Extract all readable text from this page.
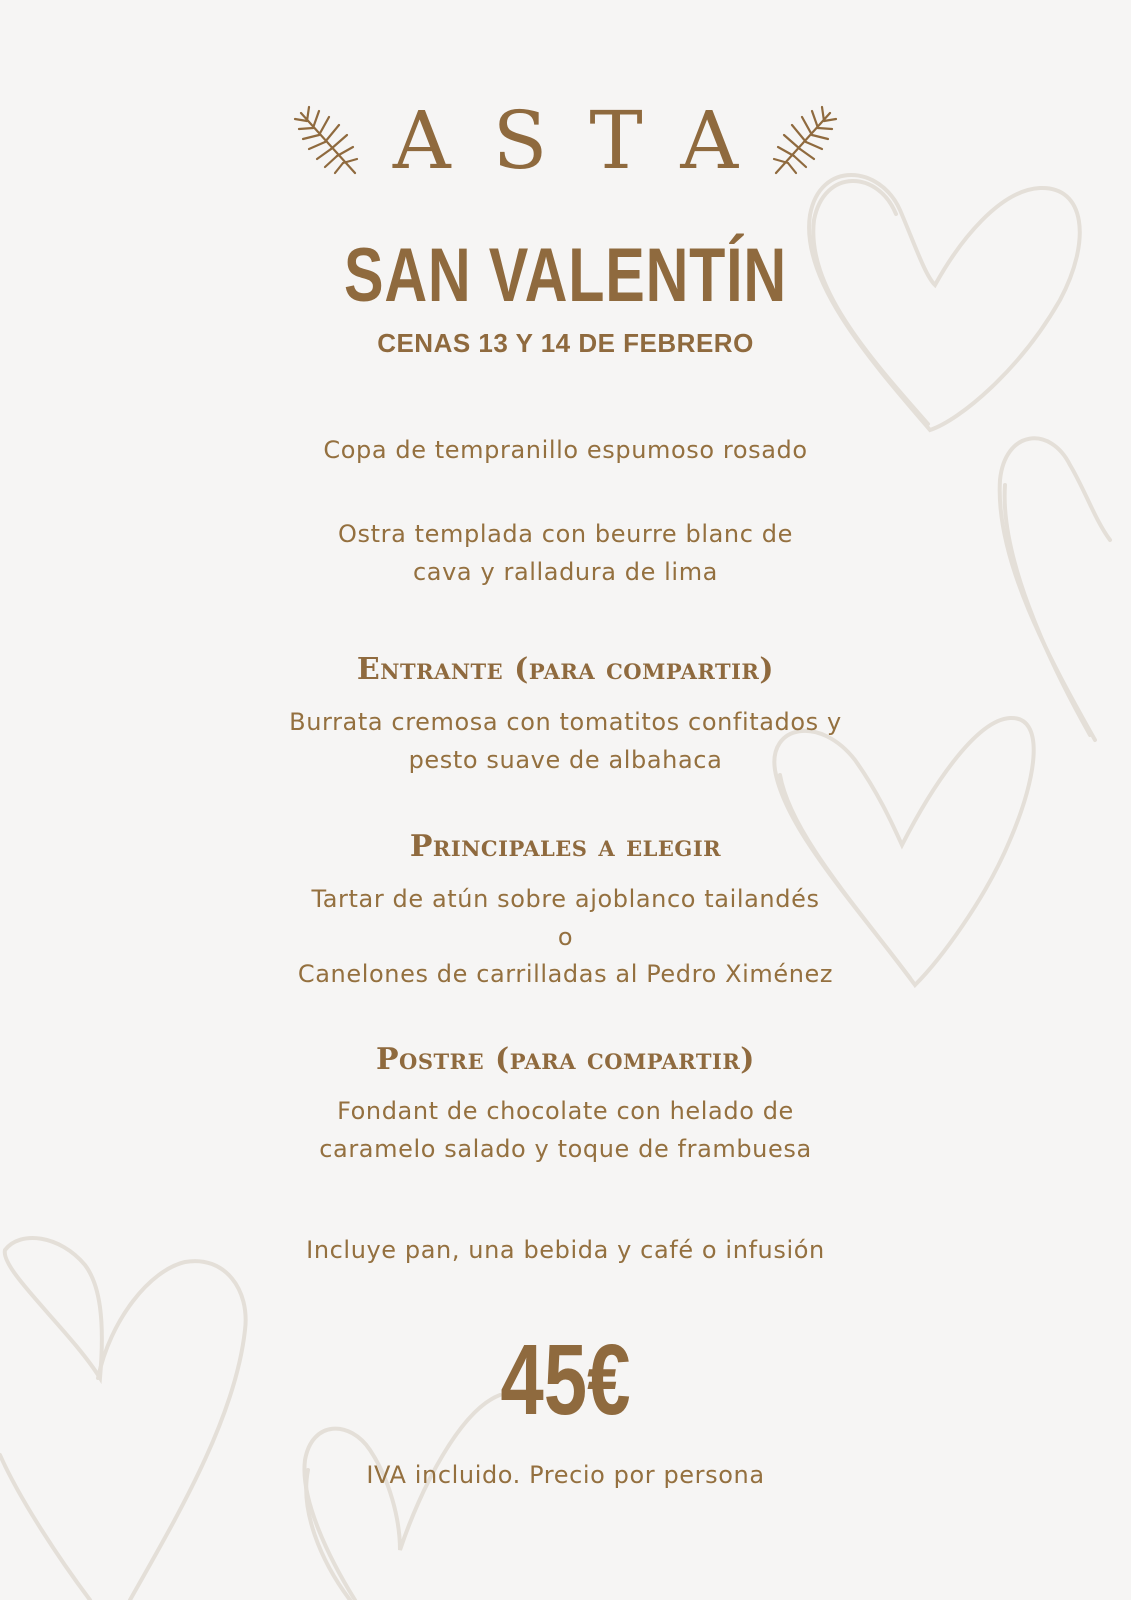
ASTA
SAN VALENTÍN
CENAS 13 Y 14 DE FEBRERO
Copa de tempranillo espumoso rosado
Ostra templada con beurre blanc de
cava y ralladura de lima
Entrante (para compartir)
Burrata cremosa con tomatitos confitados y
pesto suave de albahaca
Principales a elegir
Tartar de atún sobre ajoblanco tailandés
o
Canelones de carrilladas al Pedro Ximénez
Postre (para compartir)
Fondant de chocolate con helado de
caramelo salado y toque de frambuesa
Incluye pan, una bebida y café o infusión
45€
IVA incluido. Precio por persona
